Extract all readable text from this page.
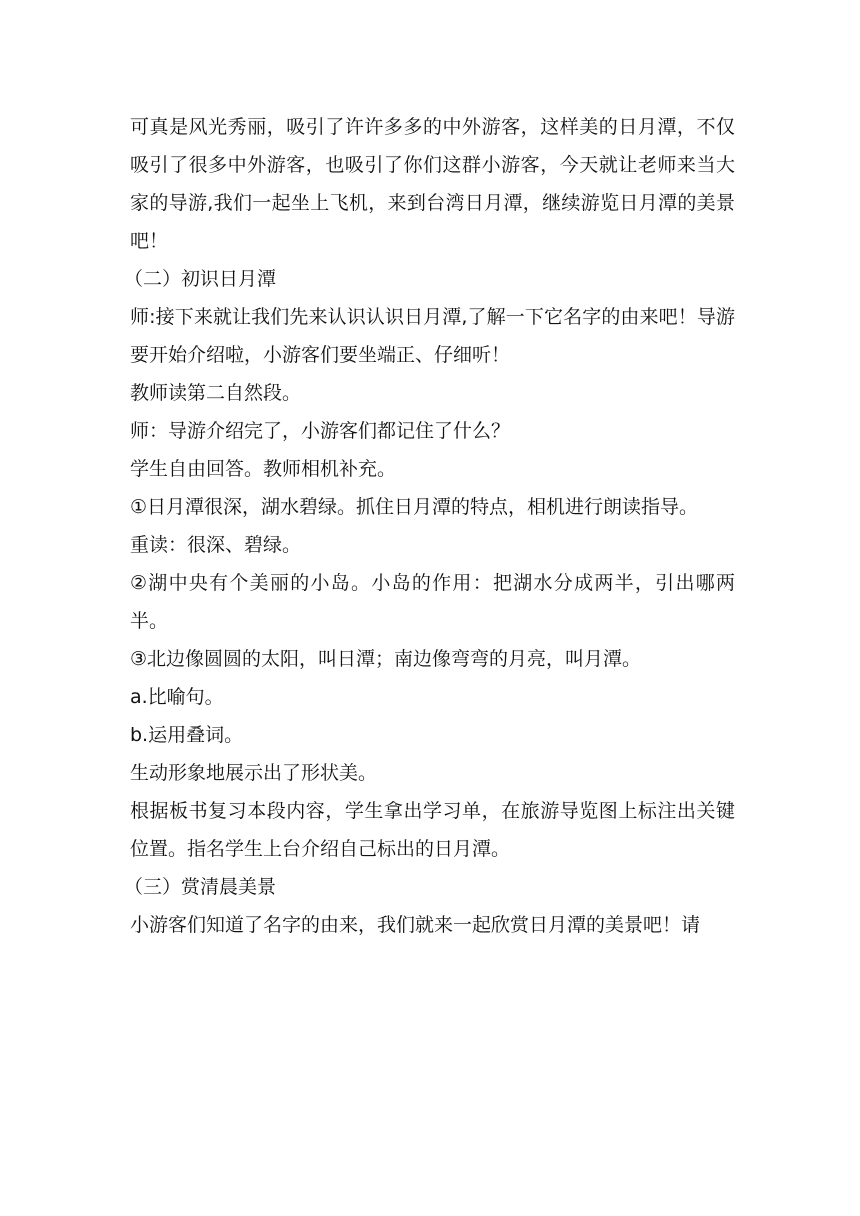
可真是风光秀丽，吸引了许许多多的中外游客，这样美的日月潭，不仅吸引了很多中外游客，也吸引了你们这群小游客，今天就让老师来当大家的导游,我们一起坐上飞机，来到台湾日月潭，继续游览日月潭的美景吧！

（二）初识日月潭

师:接下来就让我们先来认识认识日月潭,了解一下它名字的由来吧！导游要开始介绍啦，小游客们要坐端正、仔细听！

教师读第二自然段。

师：导游介绍完了，小游客们都记住了什么？

学生自由回答。教师相机补充。

①日月潭很深，湖水碧绿。抓住日月潭的特点，相机进行朗读指导。

重读：很深、碧绿。

②湖中央有个美丽的小岛。小岛的作用：把湖水分成两半，引出哪两半。

③北边像圆圆的太阳，叫日潭；南边像弯弯的月亮，叫月潭。

a.比喻句。

b.运用叠词。

生动形象地展示出了形状美。

根据板书复习本段内容，学生拿出学习单，在旅游导览图上标注出关键位置。指名学生上台介绍自己标出的日月潭。

（三）赏清晨美景

小游客们知道了名字的由来，我们就来一起欣赏日月潭的美景吧！请
